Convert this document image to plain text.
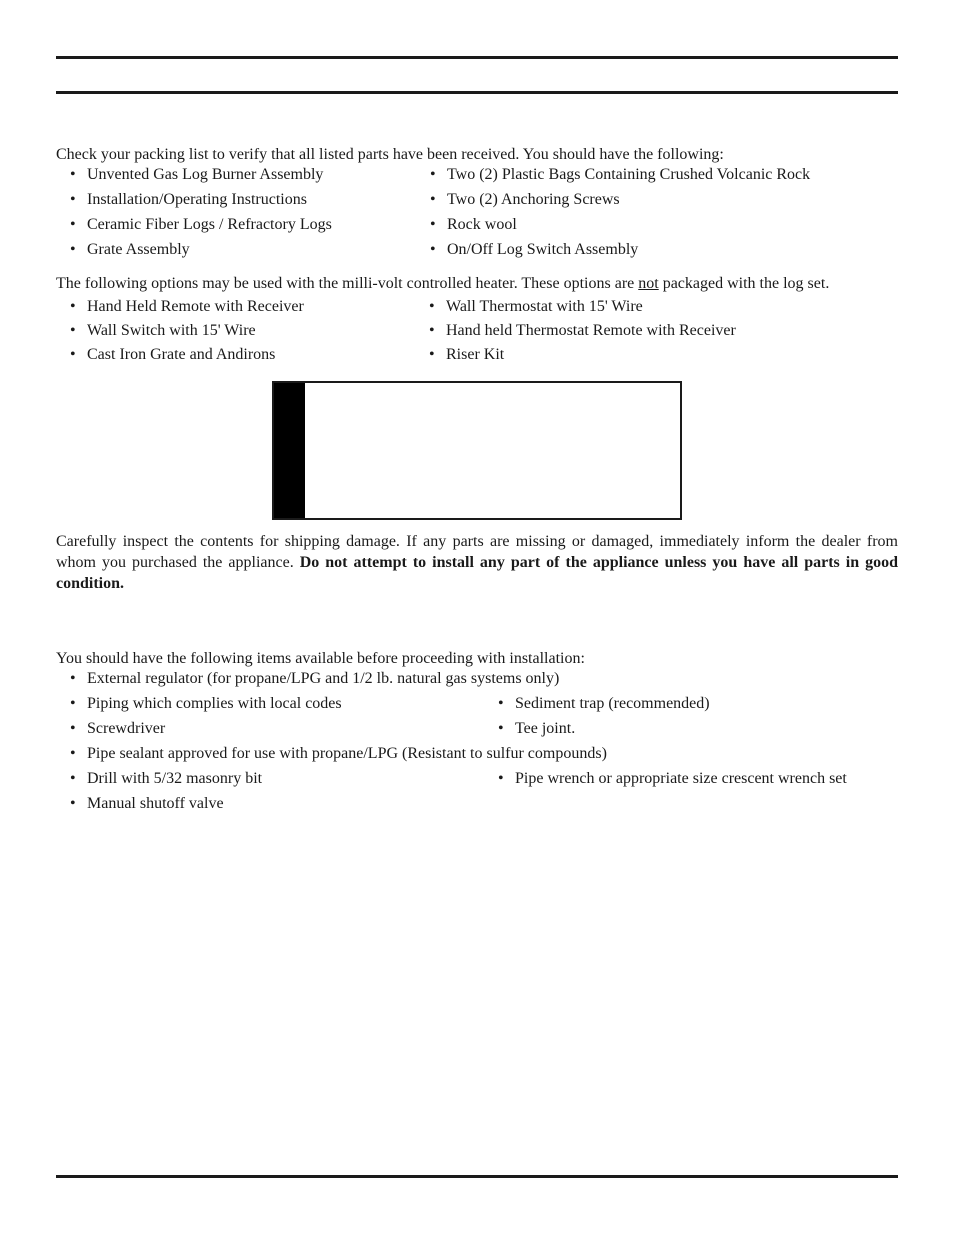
Check your packing list to verify that all listed parts have been received. You should have the following:

• Unvented Gas Log Burner Assembly
• Installation/Operating Instructions
• Ceramic Fiber Logs / Refractory Logs
• Grate Assembly
• Two (2) Plastic Bags Containing Crushed Volcanic Rock
• Two (2) Anchoring Screws
• Rock wool
• On/Off Log Switch Assembly

The following options may be used with the milli-volt controlled heater. These options are not packaged with the log set.

• Hand Held Remote with Receiver
• Wall Switch with 15' Wire
• Cast Iron Grate and Andirons
• Wall Thermostat with 15' Wire
• Hand held Thermostat Remote with Receiver
• Riser Kit

Carefully inspect the contents for shipping damage. If any parts are missing or damaged, immediately inform the dealer from whom you purchased the appliance. Do not attempt to install any part of the appliance unless you have all parts in good condition.

You should have the following items available before proceeding with installation:

• External regulator (for propane/LPG and 1/2 lb. natural gas systems only)
• Piping which complies with local codes
• Screwdriver
• Pipe sealant approved for use with propane/LPG (Resistant to sulfur compounds)
• Drill with 5/32 masonry bit
• Manual shutoff valve
• Sediment trap (recommended)
• Tee joint.
• Pipe wrench or appropriate size crescent wrench set
